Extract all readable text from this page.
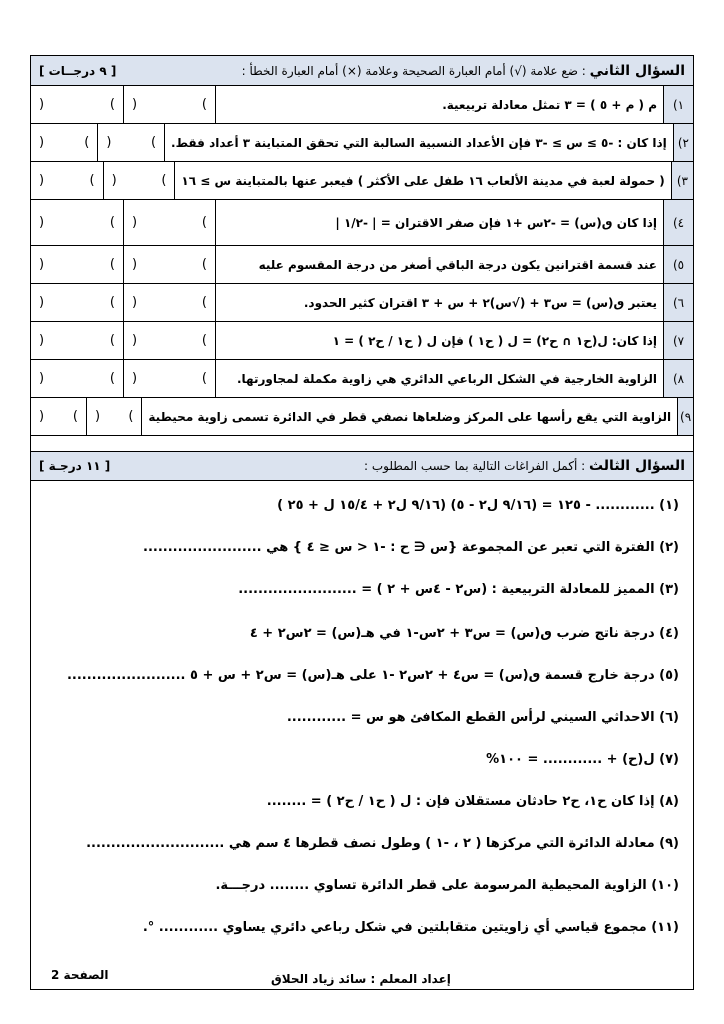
السؤال الثاني : ضع علامة (√) أمام العبارة الصحيحة وعلامة (×) أمام العبارة الخطأ :
[ ٩ درجــات ]
١)
م ( م + ٥ ) = ٣ تمثل معادلة تربيعية.
)
(
)
(
٢)
إذا كان : -٥ ≥ س ≥ -٣ فإن الأعداد النسبية السالبة التي تحقق المتباينة ٣ أعداد فقط.
)
(
)
(
٣)
( حمولة لعبة في مدينة الألعاب ١٦ طفل على الأكثر ) فيعبر عنها بالمتباينة س ≥ ١٦
)
(
)
(
٤)
إذا كان ٯ(س) = -٢س +١ فإن صفر الاقتران = | -١/٢ |
)
(
)
(
٥)
عند قسمة اقترانين يكون درجة الباقي أصغر من درجة المقسوم عليه
)
(
)
(
٦)
يعتبر ٯ(س) = س٣ + (√س)٢ + س + ٣ اقتران كثير الحدود.
)
(
)
(
٧)
إذا كان: ل(ح١ ∩ ح٢) = ل ( ح١ ) فإن ل ( ح١ / ح٢ ) = ١
)
(
)
(
٨)
الزاوية الخارجية في الشكل الرباعي الدائري هي زاوية مكملة لمجاورتها.
)
(
)
(
٩)
الزاوية التي يقع رأسها على المركز وضلعاها نصفي قطر في الدائرة تسمى زاوية محيطية
)
(
)
(
السؤال الثالث : أكمل الفراغات التالية بما حسب المطلوب :
[ ١١ درجـة ]
(١) ............ - ١٢٥ = (٩/١٦ ل٢ - ٥) (٩/١٦ ل٢ + ١٥/٤ ل + ٢٥ )
(٢) الفترة التي تعبر عن المجموعة {س ∈ ح : -١ < س ≤ ٤ } هي ........................
(٣) المميز للمعادلة التربيعية : (س٢ - ٤س + ٢ ) = ........................
(٤) درجة ناتج ضرب ٯ(س) = س٣ + ٢س-١ في هـ(س) = ٢س٢ + ٤
(٥) درجة خارج قسمة ٯ(س) = س٤ + ٢س٢ -١ على هـ(س) = س٢ + س + ٥ ........................
(٦) الاحداثي السيني لرأس القطع المكافئ هو س = ............
(٧) ل(ح) + ............ = ١٠٠%
(٨) إذا كان ح١، ح٢ حادثان مستقلان فإن : ل ( ح١ / ح٢ ) = ........
(٩) معادلة الدائرة التي مركزها ( ٢ ، -١ ) وطول نصف قطرها ٤ سم هي ............................
(١٠) الزاوية المحيطية المرسومة على قطر الدائرة تساوي ........ درجـــة.
(١١) مجموع قياسي أي زاويتين متقابلتين في شكل رباعي دائري يساوي ............ °.
الصفحة 2	إعداد المعلم : سائد زياد الحلاق
